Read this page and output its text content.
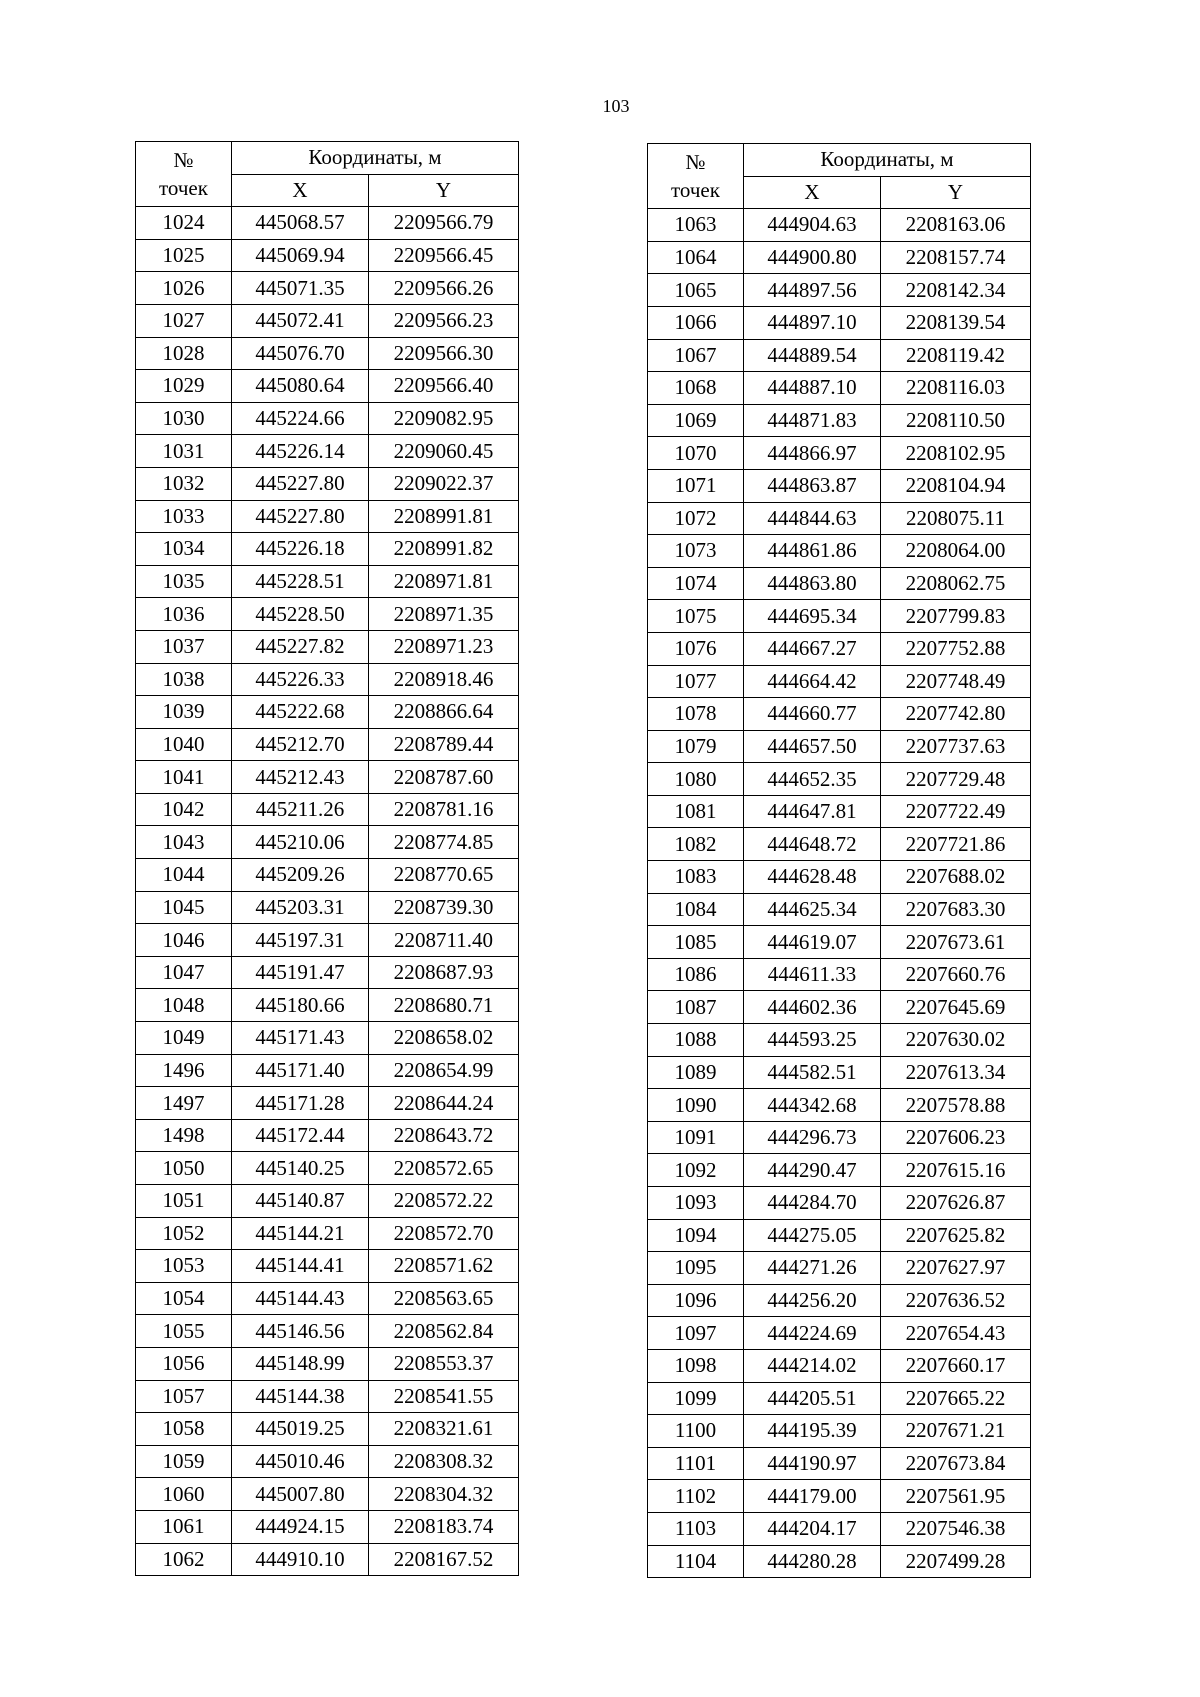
103
№
точек	Координаты, м	
	X	Y
1024	445068.57	2209566.79
1025	445069.94	2209566.45
1026	445071.35	2209566.26
1027	445072.41	2209566.23
1028	445076.70	2209566.30
1029	445080.64	2209566.40
1030	445224.66	2209082.95
1031	445226.14	2209060.45
1032	445227.80	2209022.37
1033	445227.80	2208991.81
1034	445226.18	2208991.82
1035	445228.51	2208971.81
1036	445228.50	2208971.35
1037	445227.82	2208971.23
1038	445226.33	2208918.46
1039	445222.68	2208866.64
1040	445212.70	2208789.44
1041	445212.43	2208787.60
1042	445211.26	2208781.16
1043	445210.06	2208774.85
1044	445209.26	2208770.65
1045	445203.31	2208739.30
1046	445197.31	2208711.40
1047	445191.47	2208687.93
1048	445180.66	2208680.71
1049	445171.43	2208658.02
1496	445171.40	2208654.99
1497	445171.28	2208644.24
1498	445172.44	2208643.72
1050	445140.25	2208572.65
1051	445140.87	2208572.22
1052	445144.21	2208572.70
1053	445144.41	2208571.62
1054	445144.43	2208563.65
1055	445146.56	2208562.84
1056	445148.99	2208553.37
1057	445144.38	2208541.55
1058	445019.25	2208321.61
1059	445010.46	2208308.32
1060	445007.80	2208304.32
1061	444924.15	2208183.74
1062	444910.10	2208167.52
№
точек	Координаты, м	
	X	Y
1063	444904.63	2208163.06
1064	444900.80	2208157.74
1065	444897.56	2208142.34
1066	444897.10	2208139.54
1067	444889.54	2208119.42
1068	444887.10	2208116.03
1069	444871.83	2208110.50
1070	444866.97	2208102.95
1071	444863.87	2208104.94
1072	444844.63	2208075.11
1073	444861.86	2208064.00
1074	444863.80	2208062.75
1075	444695.34	2207799.83
1076	444667.27	2207752.88
1077	444664.42	2207748.49
1078	444660.77	2207742.80
1079	444657.50	2207737.63
1080	444652.35	2207729.48
1081	444647.81	2207722.49
1082	444648.72	2207721.86
1083	444628.48	2207688.02
1084	444625.34	2207683.30
1085	444619.07	2207673.61
1086	444611.33	2207660.76
1087	444602.36	2207645.69
1088	444593.25	2207630.02
1089	444582.51	2207613.34
1090	444342.68	2207578.88
1091	444296.73	2207606.23
1092	444290.47	2207615.16
1093	444284.70	2207626.87
1094	444275.05	2207625.82
1095	444271.26	2207627.97
1096	444256.20	2207636.52
1097	444224.69	2207654.43
1098	444214.02	2207660.17
1099	444205.51	2207665.22
1100	444195.39	2207671.21
1101	444190.97	2207673.84
1102	444179.00	2207561.95
1103	444204.17	2207546.38
1104	444280.28	2207499.28
